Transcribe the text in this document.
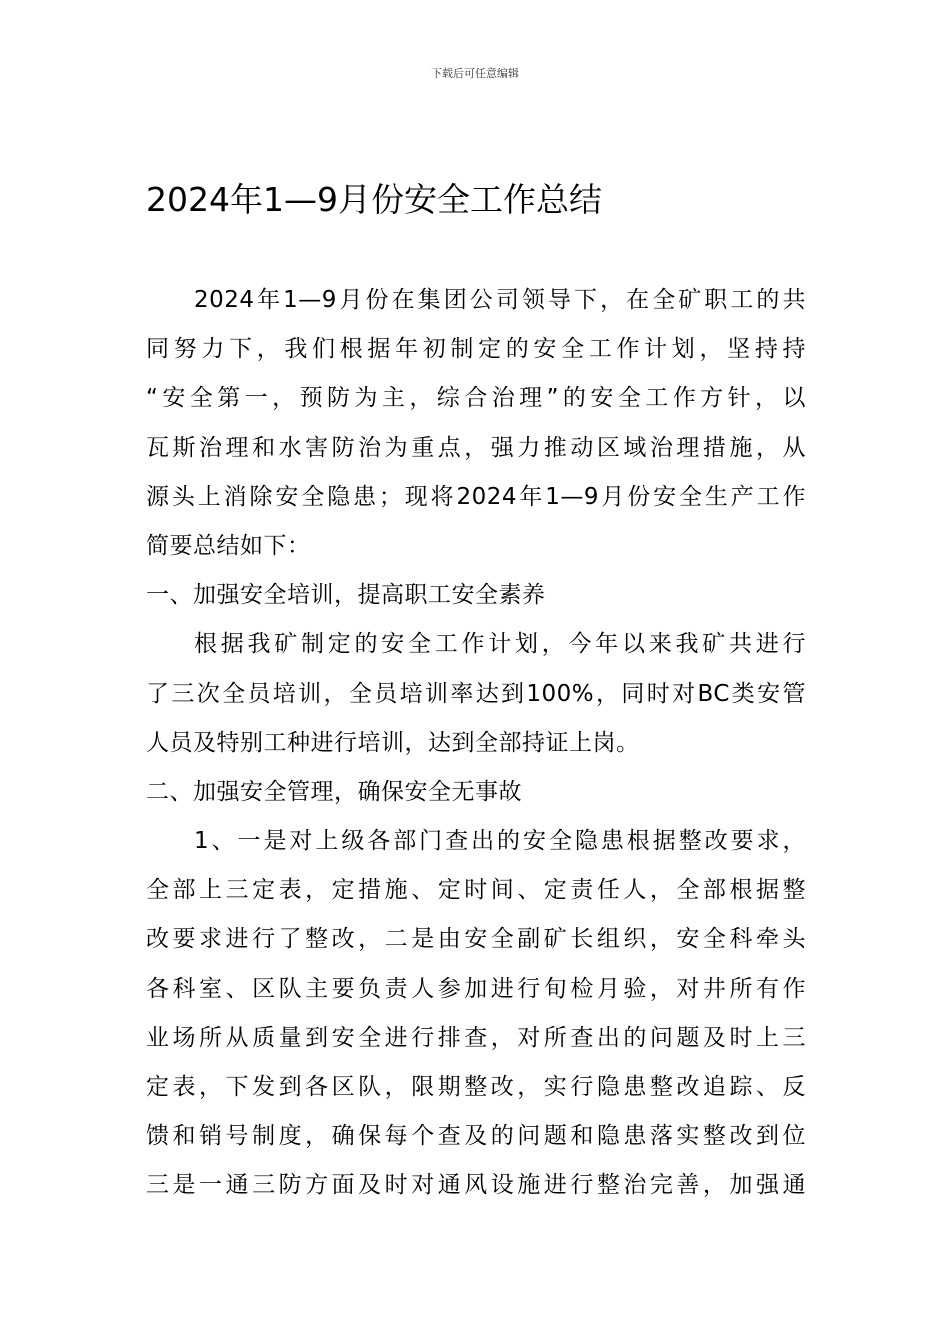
下载后可任意编辑
2024年1—9月份安全工作总结
2024年1—9月份在集团公司领导下，在全矿职工的共
同努力下，我们根据年初制定的安全工作计划，坚持持
“安全第一，预防为主，综合治理”的安全工作方针，以
瓦斯治理和水害防治为重点，强力推动区域治理措施，从
源头上消除安全隐患；现将2024年1—9月份安全生产工作
简要总结如下：
一、加强安全培训，提高职工安全素养
根据我矿制定的安全工作计划，今年以来我矿共进行
了三次全员培训，全员培训率达到100%，同时对BC类安管
人员及特别工种进行培训，达到全部持证上岗。
二、加强安全管理，确保安全无事故
1、一是对上级各部门查出的安全隐患根据整改要求，
全部上三定表，定措施、定时间、定责任人，全部根据整
改要求进行了整改，二是由安全副矿长组织，安全科牵头
各科室、区队主要负责人参加进行旬检月验，对井所有作
业场所从质量到安全进行排查，对所查出的问题及时上三
定表，下发到各区队，限期整改，实行隐患整改追踪、反
馈和销号制度，确保每个查及的问题和隐患落实整改到位
三是一通三防方面及时对通风设施进行整治完善，加强通
